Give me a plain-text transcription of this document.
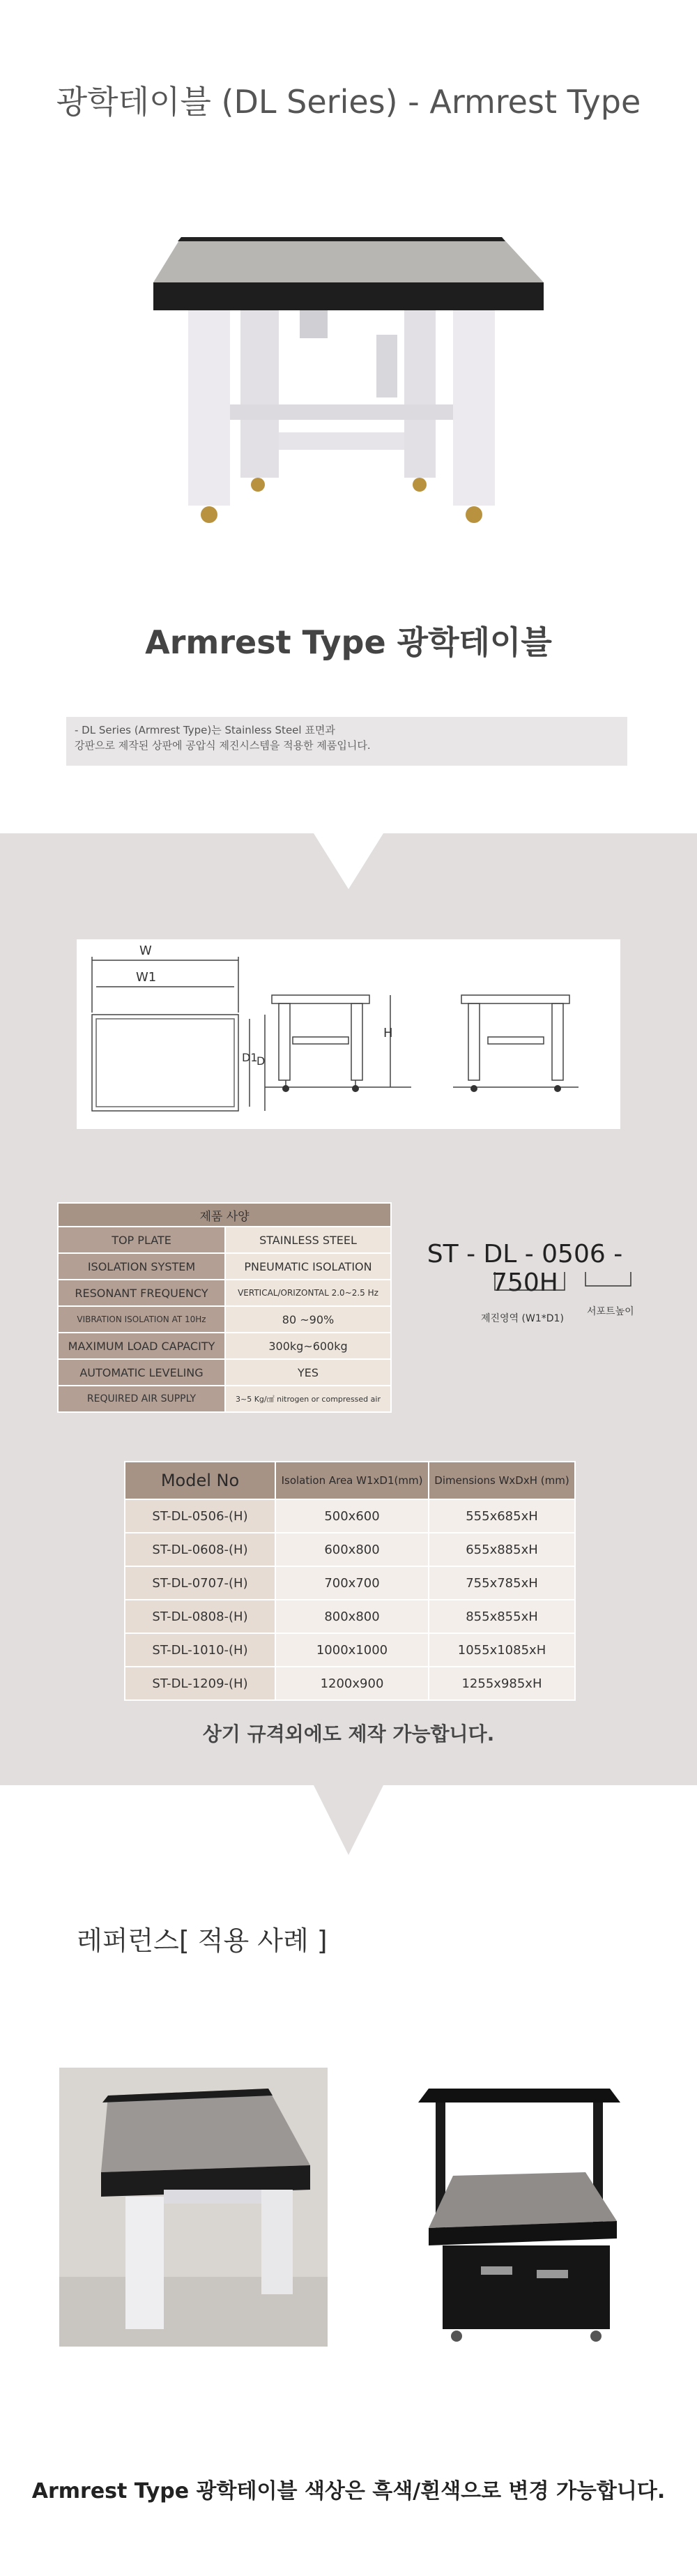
광학테이블 (DL Series) - Armrest Type
Armrest Type 광학테이블
- DL Series (Armrest Type)는 Stainless Steel 표면과
강판으로 제작된 상판에 공압식 제진시스템을 적용한 제품입니다.
W
W1
D1
D
H
제품 사양	
TOP PLATE	STAINLESS STEEL
ISOLATION SYSTEM	PNEUMATIC ISOLATION
RESONANT FREQUENCY	VERTICAL/ORIZONTAL 2.0~2.5 Hz
VIBRATION ISOLATION AT 10Hz	80 ~90%
MAXIMUM LOAD CAPACITY	300kg~600kg
AUTOMATIC LEVELING	YES
REQUIRED AIR SUPPLY	3~5 Kg/㎠ nitrogen or compressed air
ST - DL - 0506 - 750H
제진영역 (W1*D1)
서포트높이
Model No	Isolation Area W1xD1(mm)	Dimensions WxDxH (mm)
ST-DL-0506-(H)	500x600	555x685xH
ST-DL-0608-(H)	600x800	655x885xH
ST-DL-0707-(H)	700x700	755x785xH
ST-DL-0808-(H)	800x800	855x855xH
ST-DL-1010-(H)	1000x1000	1055x1085xH
ST-DL-1209-(H)	1200x900	1255x985xH
상기 규격외에도 제작 가능합니다.
레퍼런스[ 적용 사례 ]
Armrest Type 광학테이블 색상은 흑색/흰색으로 변경 가능합니다.
